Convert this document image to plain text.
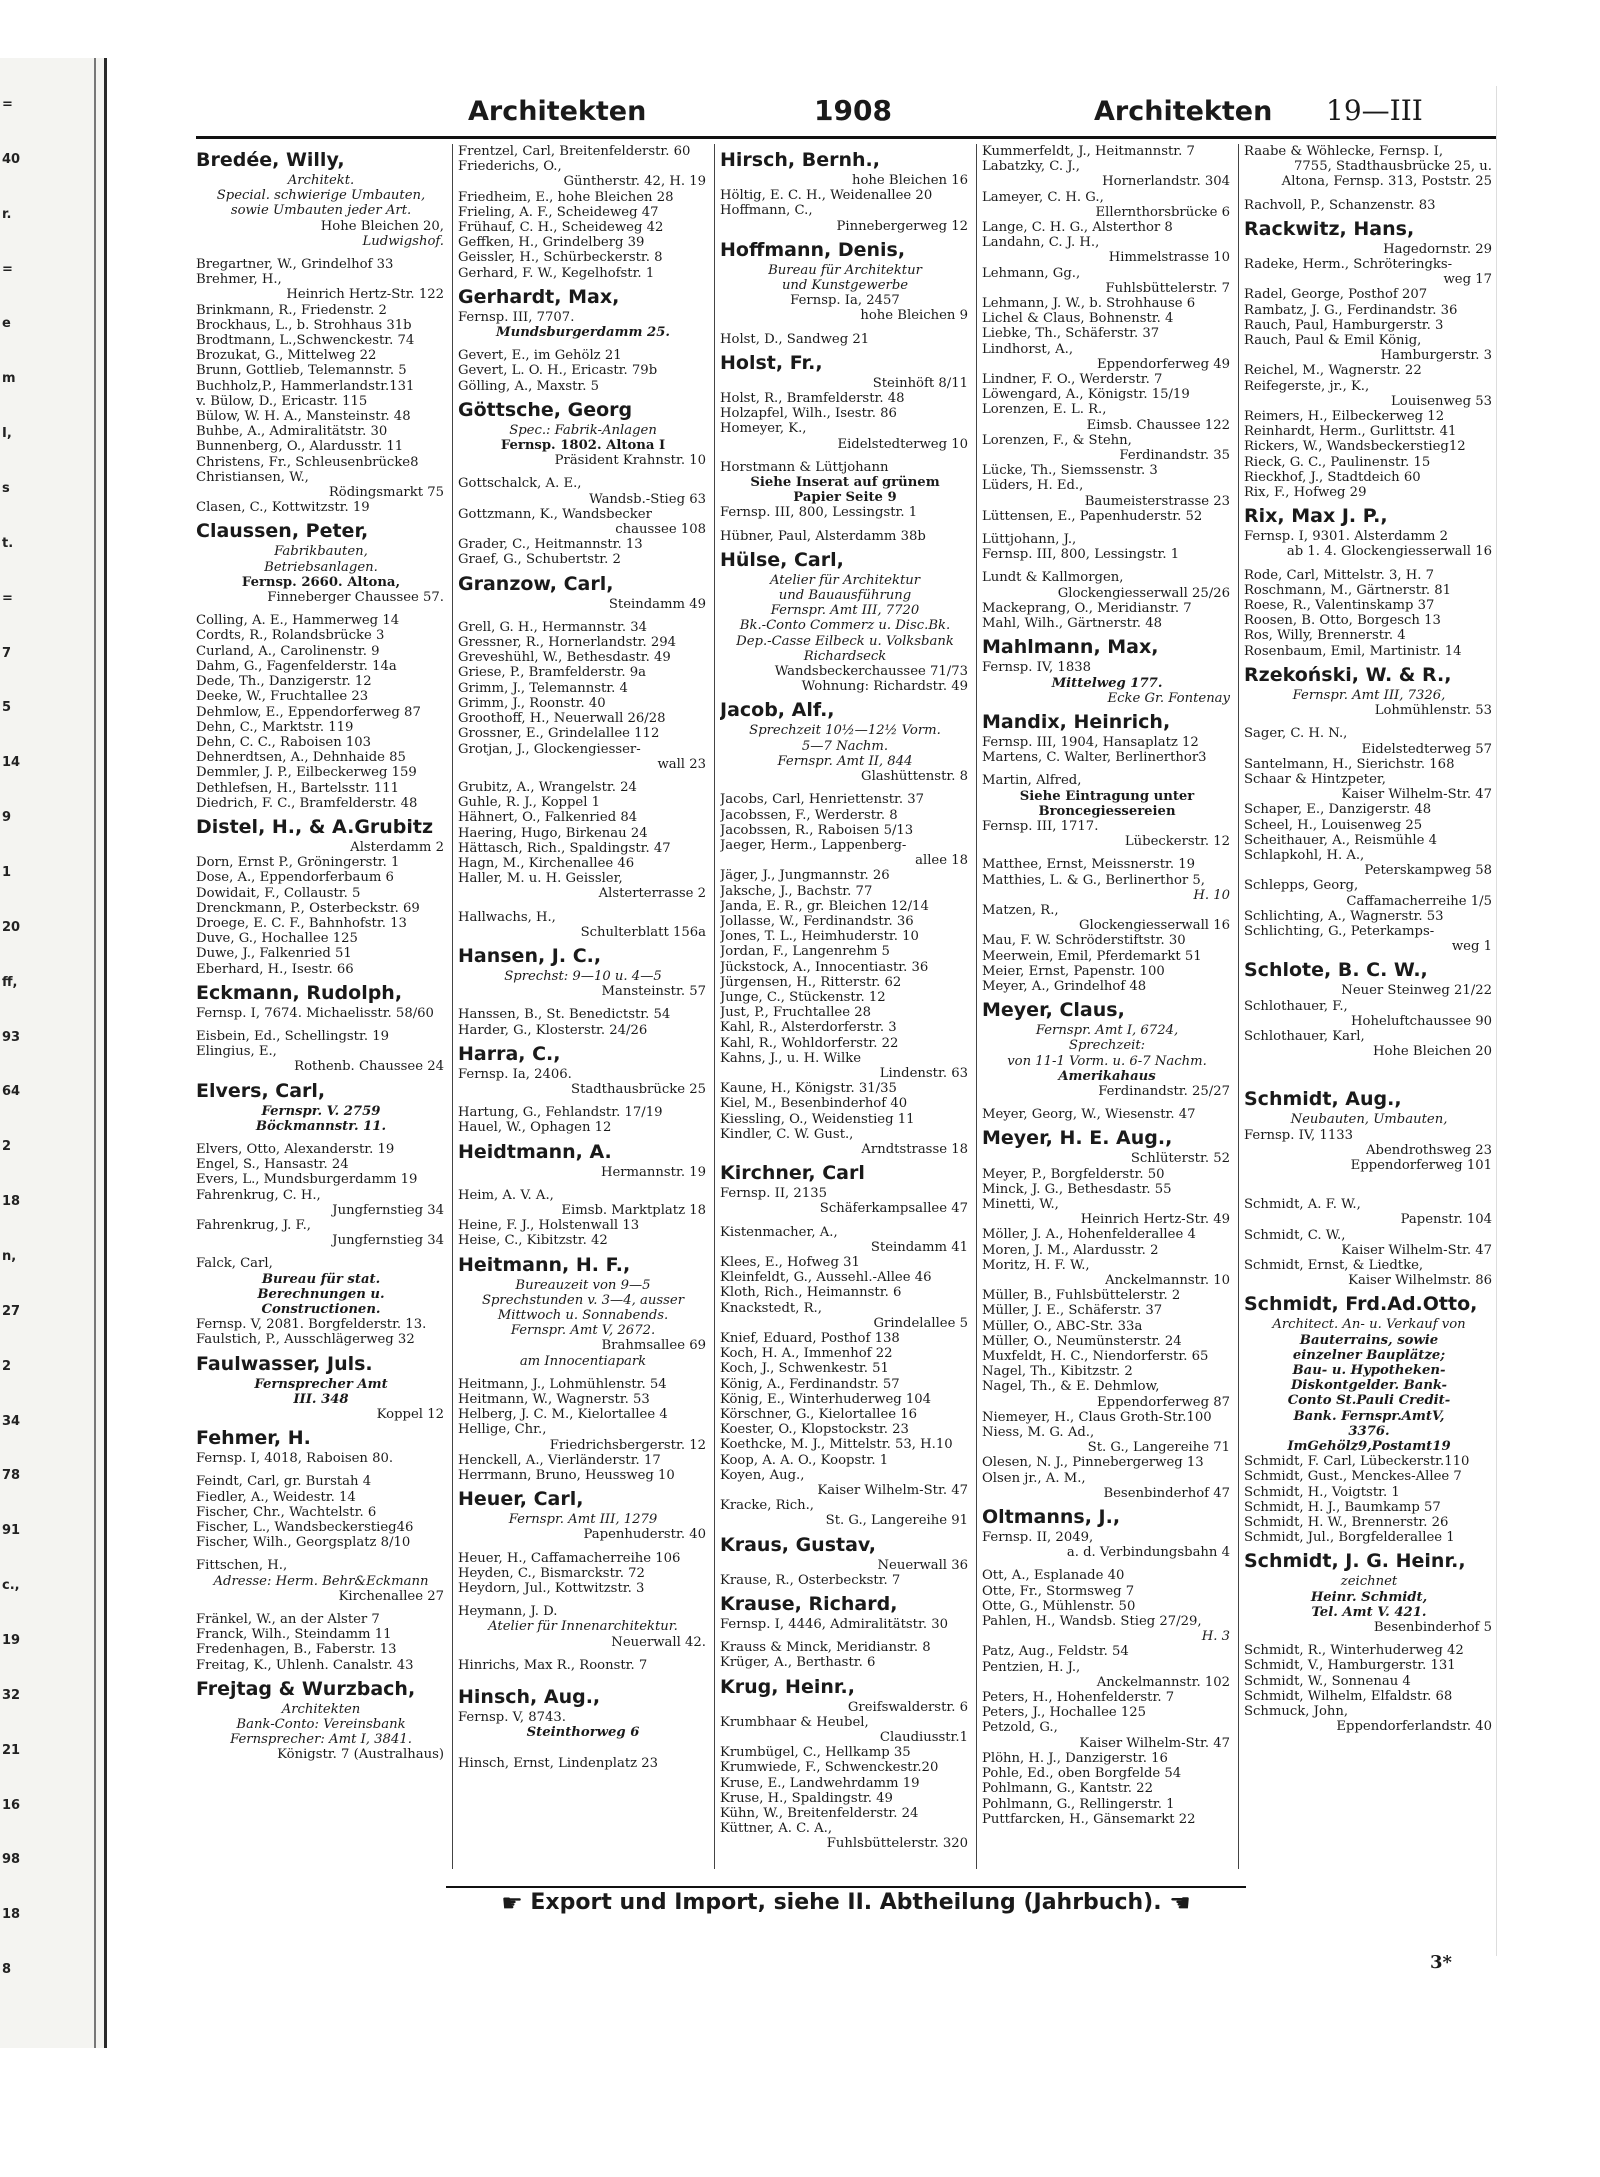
=
40
r.
=
e
m
I,
s
t.
=
7
5
14
9
1
20
ff,
93
64
2
18
n,
27
2
34
78
91
c.,
19
32
21
16
98
18
8
Architekten	1908	Architekten 19—III
Bredée, Willy,
Architekt.
Special. schwierige Umbauten,
sowie Umbauten jeder Art.
Hohe Bleichen 20,
Ludwigshof.
Bregartner, W., Grindelhof 33
Brehmer, H.,
Heinrich Hertz-Str. 122
Brinkmann, R., Friedenstr. 2
Brockhaus, L., b. Strohhaus 31b
Brodtmann, L.,Schwenckestr. 74
Brozukat, G., Mittelweg 22
Brunn, Gottlieb, Telemannstr. 5
Buchholz,P., Hammerlandstr.131
v. Bülow, D., Ericastr. 115
Bülow, W. H. A., Mansteinstr. 48
Buhbe, A., Admiralitätstr. 30
Bunnenberg, O., Alardusstr. 11
Christens, Fr., Schleusenbrücke8
Christiansen, W.,
Rödingsmarkt 75
Clasen, C., Kottwitzstr. 19
Claussen, Peter,
Fabrikbauten,
Betriebsanlagen.
Fernsp. 2660. Altona,
Finneberger Chaussee 57.
Colling, A. E., Hammerweg 14
Cordts, R., Rolandsbrücke 3
Curland, A., Carolinenstr. 9
Dahm, G., Fagenfelderstr. 14a
Dede, Th., Danzigerstr. 12
Deeke, W., Fruchtallee 23
Dehmlow, E., Eppendorferweg 87
Dehn, C., Marktstr. 119
Dehn, C. C., Raboisen 103
Dehnerdtsen, A., Dehnhaide 85
Demmler, J. P., Eilbeckerweg 159
Dethlefsen, H., Bartelsstr. 111
Diedrich, F. C., Bramfelderstr. 48
Distel, H., & A.Grubitz
Alsterdamm 2
Dorn, Ernst P., Gröningerstr. 1
Dose, A., Eppendorferbaum 6
Dowidait, F., Collaustr. 5
Drenckmann, P., Osterbeckstr. 69
Droege, E. C. F., Bahnhofstr. 13
Duve, G., Hochallee 125
Duwe, J., Falkenried 51
Eberhard, H., Isestr. 66
Eckmann, Rudolph,
Fernsp. I, 7674. Michaelisstr. 58/60
Eisbein, Ed., Schellingstr. 19
Elingius, E.,
Rothenb. Chaussee 24
Elvers, Carl,
Fernspr. V. 2759
Böckmannstr. 11.
Elvers, Otto, Alexanderstr. 19
Engel, S., Hansastr. 24
Evers, L., Mundsburgerdamm 19
Fahrenkrug, C. H.,
Jungfernstieg 34
Fahrenkrug, J. F.,
Jungfernstieg 34
Falck, Carl,
Bureau für stat.
Berechnungen u.
Constructionen.
Fernsp. V, 2081. Borgfelderstr. 13.
Faulstich, P., Ausschlägerweg 32
Faulwasser, Juls.
Fernsprecher Amt
III. 348
Koppel 12
Fehmer, H.
Fernsp. I, 4018, Raboisen 80.
Feindt, Carl, gr. Burstah 4
Fiedler, A., Weidestr. 14
Fischer, Chr., Wachtelstr. 6
Fischer, L., Wandsbeckerstieg46
Fischer, Wilh., Georgsplatz 8/10
Fittschen, H.,
Adresse: Herm. Behr&Eckmann
Kirchenallee 27
Fränkel, W., an der Alster 7
Franck, Wilh., Steindamm 11
Fredenhagen, B., Faberstr. 13
Freitag, K., Uhlenh. Canalstr. 43
Frejtag & Wurzbach,
Architekten
Bank-Conto: Vereinsbank
Fernsprecher: Amt I, 3841.
Königstr. 7 (Australhaus)
Frentzel, Carl, Breitenfelderstr. 60
Friederichs, O.,
Güntherstr. 42, H. 19
Friedheim, E., hohe Bleichen 28
Frieling, A. F., Scheideweg 47
Frühauf, C. H., Scheideweg 42
Geffken, H., Grindelberg 39
Geissler, H., Schürbeckerstr. 8
Gerhard, F. W., Kegelhofstr. 1
Gerhardt, Max,
Fernsp. III, 7707.
Mundsburgerdamm 25.
Gevert, E., im Gehölz 21
Gevert, L. O. H., Ericastr. 79b
Gölling, A., Maxstr. 5
Göttsche, Georg
Spec.: Fabrik-Anlagen
Fernsp. 1802. Altona I
Präsident Krahnstr. 10
Gottschalck, A. E.,
Wandsb.-Stieg 63
Gottzmann, K., Wandsbecker
chaussee 108
Grader, C., Heitmannstr. 13
Graef, G., Schubertstr. 2
Granzow, Carl,
Steindamm 49
Grell, G. H., Hermannstr. 34
Gressner, R., Hornerlandstr. 294
Greveshühl, W., Bethesdastr. 49
Griese, P., Bramfelderstr. 9a
Grimm, J., Telemannstr. 4
Grimm, J., Roonstr. 40
Groothoff, H., Neuerwall 26/28
Grossner, E., Grindelallee 112
Grotjan, J., Glockengiesser-
wall 23
Grubitz, A., Wrangelstr. 24
Guhle, R. J., Koppel 1
Hähnert, O., Falkenried 84
Haering, Hugo, Birkenau 24
Hättasch, Rich., Spaldingstr. 47
Hagn, M., Kirchenallee 46
Haller, M. u. H. Geissler,
Alsterterrasse 2
Hallwachs, H.,
Schulterblatt 156a
Hansen, J. C.,
Sprechst: 9—10 u. 4—5
Mansteinstr. 57
Hanssen, B., St. Benedictstr. 54
Harder, G., Klosterstr. 24/26
Harra, C.,
Fernsp. Ia, 2406.
Stadthausbrücke 25
Hartung, G., Fehlandstr. 17/19
Hauel, W., Ophagen 12
Heidtmann, A.
Hermannstr. 19
Heim, A. V. A.,
Eimsb. Marktplatz 18
Heine, F. J., Holstenwall 13
Heise, C., Kibitzstr. 42
Heitmann, H. F.,
Bureauzeit von 9—5
Sprechstunden v. 3—4, ausser
Mittwoch u. Sonnabends.
Fernspr. Amt V, 2672.
Brahmsallee 69
am Innocentiapark
Heitmann, J., Lohmühlenstr. 54
Heitmann, W., Wagnerstr. 53
Helberg, J. C. M., Kielortallee 4
Hellige, Chr.,
Friedrichsbergerstr. 12
Henckell, A., Vierländerstr. 17
Herrmann, Bruno, Heussweg 10
Heuer, Carl,
Fernspr. Amt III, 1279
Papenhuderstr. 40
Heuer, H., Caffamacherreihe 106
Heyden, C., Bismarckstr. 72
Heydorn, Jul., Kottwitzstr. 3
Heymann, J. D.
Atelier für Innenarchitektur.
Neuerwall 42.
Hinrichs, Max R., Roonstr. 7
Hinsch, Aug.,
Fernsp. V, 8743.
Steinthorweg 6
Hinsch, Ernst, Lindenplatz 23
Hirsch, Bernh.,
hohe Bleichen 16
Höltig, E. C. H., Weidenallee 20
Hoffmann, C.,
Pinnebergerweg 12
Hoffmann, Denis,
Bureau für Architektur
und Kunstgewerbe
Fernsp. Ia, 2457
hohe Bleichen 9
Holst, D., Sandweg 21
Holst, Fr.,
Steinhöft 8/11
Holst, R., Bramfelderstr. 48
Holzapfel, Wilh., Isestr. 86
Homeyer, K.,
Eidelstedterweg 10
Horstmann & Lüttjohann
Siehe Inserat auf grünem
Papier Seite 9
Fernsp. III, 800, Lessingstr. 1
Hübner, Paul, Alsterdamm 38b
Hülse, Carl,
Atelier für Architektur
und Bauausführung
Fernspr. Amt III, 7720
Bk.-Conto Commerz u. Disc.Bk.
Dep.-Casse Eilbeck u. Volksbank
Richardseck
Wandsbeckerchaussee 71/73
Wohnung: Richardstr. 49
Jacob, Alf.,
Sprechzeit 10½—12½ Vorm.
5—7 Nachm.
Fernspr. Amt II, 844
Glashüttenstr. 8
Jacobs, Carl, Henriettenstr. 37
Jacobssen, F., Werderstr. 8
Jacobssen, R., Raboisen 5/13
Jaeger, Herm., Lappenberg-
allee 18
Jäger, J., Jungmannstr. 26
Jaksche, J., Bachstr. 77
Janda, E. R., gr. Bleichen 12/14
Jollasse, W., Ferdinandstr. 36
Jones, T. L., Heimhuderstr. 10
Jordan, F., Langenrehm 5
Jückstock, A., Innocentiastr. 36
Jürgensen, H., Ritterstr. 62
Junge, C., Stückenstr. 12
Just, P., Fruchtallee 28
Kahl, R., Alsterdorferstr. 3
Kahl, R., Wohldorferstr. 22
Kahns, J., u. H. Wilke
Lindenstr. 63
Kaune, H., Königstr. 31/35
Kiel, M., Besenbinderhof 40
Kiessling, O., Weidenstieg 11
Kindler, C. W. Gust.,
Arndtstrasse 18
Kirchner, Carl
Fernsp. II, 2135
Schäferkampsallee 47
Kistenmacher, A.,
Steindamm 41
Klees, E., Hofweg 31
Kleinfeldt, G., Aussehl.-Allee 46
Kloth, Rich., Heimannstr. 6
Knackstedt, R.,
Grindelallee 5
Knief, Eduard, Posthof 138
Koch, H. A., Immenhof 22
Koch, J., Schwenkestr. 51
König, A., Ferdinandstr. 57
König, E., Winterhuderweg 104
Körschner, G., Kielortallee 16
Koester, O., Klopstockstr. 23
Koethcke, M. J., Mittelstr. 53, H.10
Koop, A. A. O., Koopstr. 1
Koyen, Aug.,
Kaiser Wilhelm-Str. 47
Kracke, Rich.,
St. G., Langereihe 91
Kraus, Gustav,
Neuerwall 36
Krause, R., Osterbeckstr. 7
Krause, Richard,
Fernsp. I, 4446, Admiralitätstr. 30
Krauss & Minck, Meridianstr. 8
Krüger, A., Berthastr. 6
Krug, Heinr.,
Greifswalderstr. 6
Krumbhaar & Heubel,
Claudiusstr.1
Krumbügel, C., Hellkamp 35
Krumwiede, F., Schwenckestr.20
Kruse, E., Landwehrdamm 19
Kruse, H., Spaldingstr. 49
Kühn, W., Breitenfelderstr. 24
Küttner, A. C. A.,
Fuhlsbüttelerstr. 320
Kummerfeldt, J., Heitmannstr. 7
Labatzky, C. J.,
Hornerlandstr. 304
Lameyer, C. H. G.,
Ellernthorsbrücke 6
Lange, C. H. G., Alsterthor 8
Landahn, C. J. H.,
Himmelstrasse 10
Lehmann, Gg.,
Fuhlsbüttelerstr. 7
Lehmann, J. W., b. Strohhause 6
Lichel & Claus, Bohnenstr. 4
Liebke, Th., Schäferstr. 37
Lindhorst, A.,
Eppendorferweg 49
Lindner, F. O., Werderstr. 7
Löwengard, A., Königstr. 15/19
Lorenzen, E. L. R.,
Eimsb. Chaussee 122
Lorenzen, F., & Stehn,
Ferdinandstr. 35
Lücke, Th., Siemssenstr. 3
Lüders, H. Ed.,
Baumeisterstrasse 23
Lüttensen, E., Papenhuderstr. 52
Lüttjohann, J.,
Fernsp. III, 800, Lessingstr. 1
Lundt & Kallmorgen,
Glockengiesserwall 25/26
Mackeprang, O., Meridianstr. 7
Mahl, Wilh., Gärtnerstr. 48
Mahlmann, Max,
Fernsp. IV, 1838
Mittelweg 177.
Ecke Gr. Fontenay
Mandix, Heinrich,
Fernsp. III, 1904, Hansaplatz 12
Martens, C. Walter, Berlinerthor3
Martin, Alfred,
Siehe Eintragung unter
Broncegiessereien
Fernsp. III, 1717.
Lübeckerstr. 12
Matthee, Ernst, Meissnerstr. 19
Matthies, L. & G., Berlinerthor 5,
H. 10
Matzen, R.,
Glockengiesserwall 16
Mau, F. W. Schröderstiftstr. 30
Meerwein, Emil, Pferdemarkt 51
Meier, Ernst, Papenstr. 100
Meyer, A., Grindelhof 48
Meyer, Claus,
Fernspr. Amt I, 6724,
Sprechzeit:
von 11-1 Vorm. u. 6-7 Nachm.
Amerikahaus
Ferdinandstr. 25/27
Meyer, Georg, W., Wiesenstr. 47
Meyer, H. E. Aug.,
Schlüterstr. 52
Meyer, P., Borgfelderstr. 50
Minck, J. G., Bethesdastr. 55
Minetti, W.,
Heinrich Hertz-Str. 49
Möller, J. A., Hohenfelderallee 4
Moren, J. M., Alardusstr. 2
Moritz, H. F. W.,
Anckelmannstr. 10
Müller, B., Fuhlsbüttelerstr. 2
Müller, J. E., Schäferstr. 37
Müller, O., ABC-Str. 33a
Müller, O., Neumünsterstr. 24
Muxfeldt, H. C., Niendorferstr. 65
Nagel, Th., Kibitzstr. 2
Nagel, Th., & E. Dehmlow,
Eppendorferweg 87
Niemeyer, H., Claus Groth-Str.100
Niess, M. G. Ad.,
St. G., Langereihe 71
Olesen, N. J., Pinnebergerweg 13
Olsen jr., A. M.,
Besenbinderhof 47
Oltmanns, J.,
Fernsp. II, 2049,
a. d. Verbindungsbahn 4
Ott, A., Esplanade 40
Otte, Fr., Stormsweg 7
Otte, G., Mühlenstr. 50
Pahlen, H., Wandsb. Stieg 27/29,
H. 3
Patz, Aug., Feldstr. 54
Pentzien, H. J.,
Anckelmannstr. 102
Peters, H., Hohenfelderstr. 7
Peters, J., Hochallee 125
Petzold, G.,
Kaiser Wilhelm-Str. 47
Plöhn, H. J., Danzigerstr. 16
Pohle, Ed., oben Borgfelde 54
Pohlmann, G., Kantstr. 22
Pohlmann, G., Rellingerstr. 1
Puttfarcken, H., Gänsemarkt 22
Raabe & Wöhlecke, Fernsp. I,
7755, Stadthausbrücke 25, u.
Altona, Fernsp. 313, Poststr. 25
Rachvoll, P., Schanzenstr. 83
Rackwitz, Hans,
Hagedornstr. 29
Radeke, Herm., Schröteringks-
weg 17
Radel, George, Posthof 207
Rambatz, J. G., Ferdinandstr. 36
Rauch, Paul, Hamburgerstr. 3
Rauch, Paul & Emil König,
Hamburgerstr. 3
Reichel, M., Wagnerstr. 22
Reifegerste, jr., K.,
Louisenweg 53
Reimers, H., Eilbeckerweg 12
Reinhardt, Herm., Gurlittstr. 41
Rickers, W., Wandsbeckerstieg12
Rieck, G. C., Paulinenstr. 15
Rieckhof, J., Stadtdeich 60
Rix, F., Hofweg 29
Rix, Max J. P.,
Fernsp. I, 9301. Alsterdamm 2
ab 1. 4. Glockengiesserwall 16
Rode, Carl, Mittelstr. 3, H. 7
Roschmann, M., Gärtnerstr. 81
Roese, R., Valentinskamp 37
Roosen, B. Otto, Borgesch 13
Ros, Willy, Brennerstr. 4
Rosenbaum, Emil, Martinistr. 14
Rzekoński, W. & R.,
Fernspr. Amt III, 7326,
Lohmühlenstr. 53
Sager, C. H. N.,
Eidelstedterweg 57
Santelmann, H., Sierichstr. 168
Schaar & Hintzpeter,
Kaiser Wilhelm-Str. 47
Schaper, E., Danzigerstr. 48
Scheel, H., Louisenweg 25
Scheithauer, A., Reismühle 4
Schlapkohl, H. A.,
Peterskampweg 58
Schlepps, Georg,
Caffamacherreihe 1/5
Schlichting, A., Wagnerstr. 53
Schlichting, G., Peterkamps-
weg 1
Schlote, B. C. W.,
Neuer Steinweg 21/22
Schlothauer, F.,
Hoheluftchaussee 90
Schlothauer, Karl,
Hohe Bleichen 20
Schmidt, Aug.,
Neubauten, Umbauten,
Fernsp. IV, 1133
Abendrothsweg 23
Eppendorferweg 101
Schmidt, A. F. W.,
Papenstr. 104
Schmidt, C. W.,
Kaiser Wilhelm-Str. 47
Schmidt, Ernst, & Liedtke,
Kaiser Wilhelmstr. 86
Schmidt, Frd.Ad.Otto,
Architect. An- u. Verkauf von
Bauterrains, sowie
einzelner Bauplätze;
Bau- u. Hypotheken-
Diskontgelder. Bank-
Conto St.Pauli Credit-
Bank. Fernspr.AmtV,
3376.
ImGehölz9,Postamt19
Schmidt, F. Carl, Lübeckerstr.110
Schmidt, Gust., Menckes-Allee 7
Schmidt, H., Voigtstr. 1
Schmidt, H. J., Baumkamp 57
Schmidt, H. W., Brennerstr. 26
Schmidt, Jul., Borgfelderallee 1
Schmidt, J. G. Heinr.,
zeichnet
Heinr. Schmidt,
Tel. Amt V. 421.
Besenbinderhof 5
Schmidt, R., Winterhuderweg 42
Schmidt, V., Hamburgerstr. 131
Schmidt, W., Sonnenau 4
Schmidt, Wilhelm, Elfaldstr. 68
Schmuck, John,
Eppendorferlandstr. 40
☛ Export und Import, siehe II. Abtheilung (Jahrbuch). ☚
3*
